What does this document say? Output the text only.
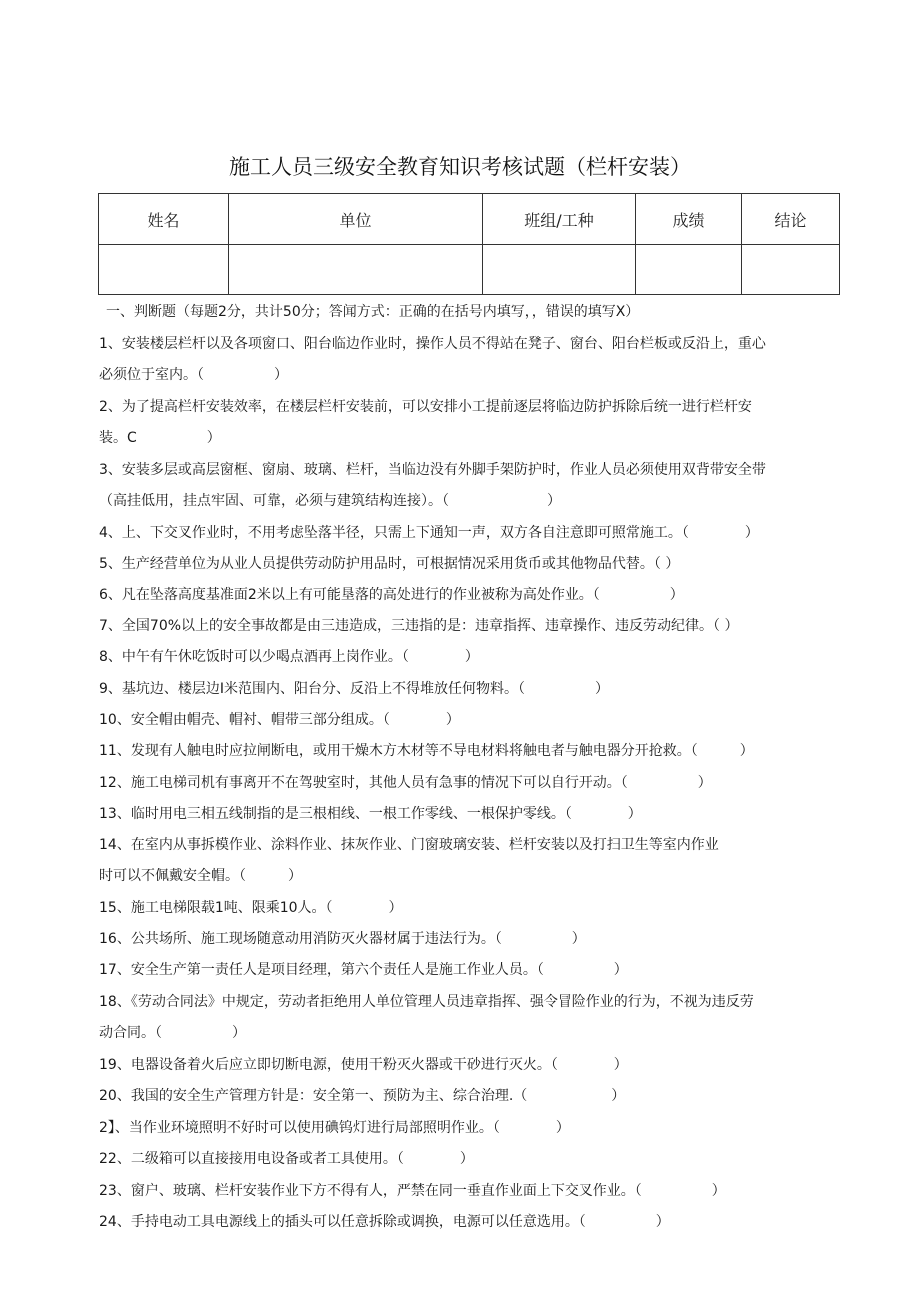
施工人员三级安全教育知识考核试题（栏杆安装）
姓名	单位	班组/工种	成绩	结论

一、判断题（每题2分，共计50分；答闻方式：正确的在括号内填写，，错误的填写X）
1、安装楼层栏杆以及各项窗口、阳台临边作业时，操作人员不得站在凳子、窗台、阳台栏板或反沿上，重心
必须位于室内。（　　　　　）
2、为了提高栏杆安装效率，在楼层栏杆安装前，可以安排小工提前逐层将临边防护拆除后统一进行栏杆安
装。C　　　　　）
3、安装多层或高层窗框、窗扇、玻璃、栏杆，当临边没有外脚手架防护时，作业人员必须使用双背带安全带
（高挂低用，挂点牢固、可靠，必须与建筑结构连接）。（　　　　　　　）
4、上、下交叉作业时，不用考虑坠落半径，只需上下通知一声，双方各自注意即可照常施工。（　　　　）
5、生产经营单位为从业人员提供劳动防护用品时，可根据情况采用货币或其他物品代替。（ ）
6、凡在坠落高度基准面2米以上有可能垦落的高处进行的作业被称为高处作业。（　　　　　）
7、全国70%以上的安全事故都是由三违造成，三违指的是：违章指挥、违章操作、违反劳动纪律。（ ）
8、中午有午休吃饭时可以少喝点酒再上岗作业。（　　　　）
9、基坑边、楼层边I米范围内、阳台分、反沿上不得堆放任何物料。（　　　　　）
10、安全帽由帽壳、帽衬、帽带三部分组成。（　　　　）
11、发现有人触电时应拉闸断电，或用干燥木方木材等不导电材料将触电者与触电器分开抢救。（　　　）
12、施工电梯司机有事离开不在驾驶室时，其他人员有急事的情况下可以自行开动。（　　　　　）
13、临时用电三相五线制指的是三根相线、一根工作零线、一根保护零线。（　　　　）
14、在室内从事拆模作业、涂料作业、抹灰作业、门窗玻璃安装、栏杆安装以及打扫卫生等室内作业
时可以不佩戴安全帽。（　　　）
15、施工电梯限载1吨、限乘10人。（　　　　）
16、公共场所、施工现场随意动用消防灭火器材属于违法行为。（　　　　　）
17、安全生产第一责任人是项目经理，第六个责任人是施工作业人员。（　　　　　）
18、《劳动合同法》中规定，劳动者拒绝用人单位管理人员违章指挥、强令冒险作业的行为，不视为违反劳
动合同。（　　　　　）
19、电器设备着火后应立即切断电源，使用干粉灭火器或干砂进行灭火。（　　　　）
20、我国的安全生产管理方针是：安全第一、预防为主、综合治理.（　　　　　　）
2】、当作业环境照明不好时可以使用碘钨灯进行局部照明作业。（　　　　）
22、二级箱可以直接接用电设备或者工具使用。（　　　　）
23、窗户、玻璃、栏杆安装作业下方不得有人，严禁在同一垂直作业面上下交叉作业。（　　　　　）
24、手持电动工具电源线上的插头可以任意拆除或调换，电源可以任意选用。（　　　　　）
